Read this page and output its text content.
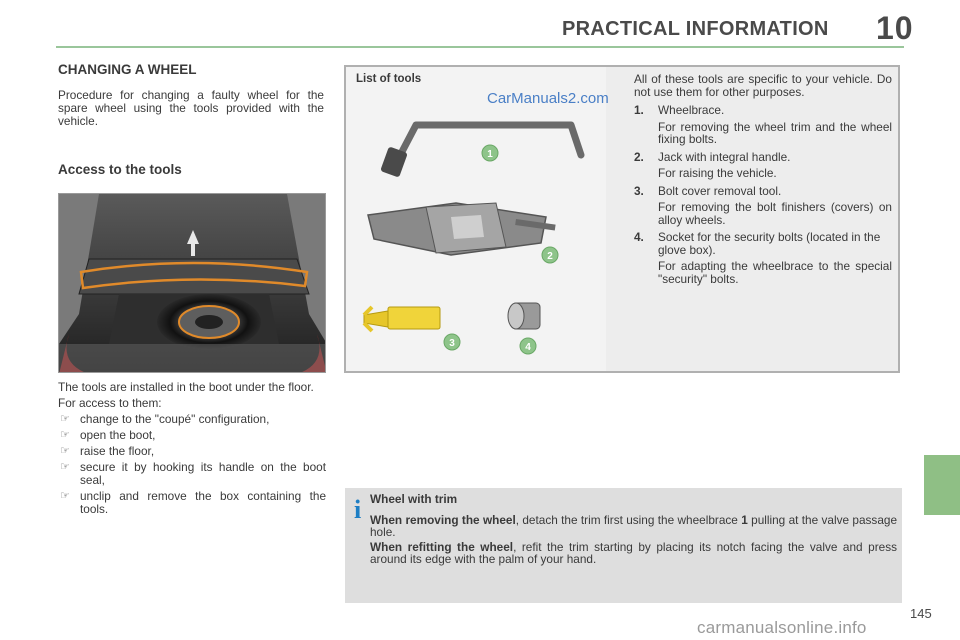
PRACTICAL INFORMATION 10
CHANGING A WHEEL
Procedure for changing a faulty wheel for the spare wheel using the tools provided with the vehicle.
Access to the tools

The tools are installed in the boot under the floor.

For access to them:

☞ change to the "coupé" configuration,
☞ open the boot,
☞ raise the floor,
☞ secure it by hooking its handle on the boot seal,
☞ unclip and remove the box containing the tools.
1
2
3	4
List of tools
CarManuals2.com

All of these tools are specific to your vehicle. Do not use them for other purposes.

1. Wheelbrace.
For removing the wheel trim and the wheel fixing bolts.
2. Jack with integral handle.
For raising the vehicle.
3. Bolt cover removal tool.
For removing the bolt finishers (covers) on alloy wheels.
4. Socket for the security bolts (located in the glove box).
For adapting the wheelbrace to the special "security" bolts.
i Wheel with trim

When removing the wheel, detach the trim first using the wheelbrace 1 pulling at the valve passage hole.

When refitting the wheel, refit the trim starting by placing its notch facing the valve and press around its edge with the palm of your hand.

145
carmanualsonline.info
